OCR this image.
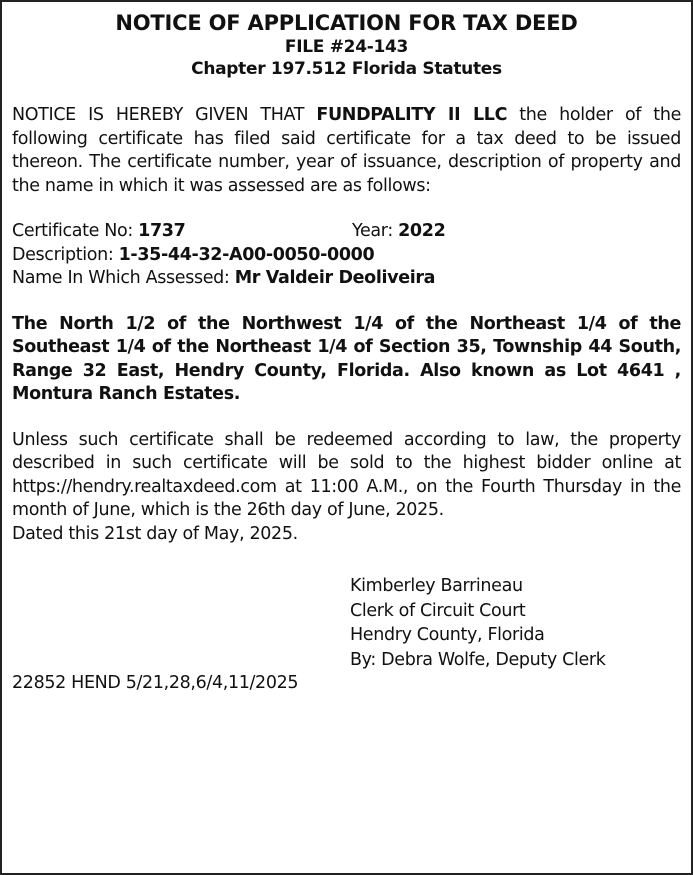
NOTICE OF APPLICATION FOR TAX DEED
FILE #24-143
Chapter 197.512 Florida Statutes

NOTICE IS HEREBY GIVEN THAT FUNDPALITY II LLC the holder of the following certificate has filed said certificate for a tax deed to be issued thereon. The certificate number, year of issuance, description of property and the name in which it was assessed are as follows:

Certificate No: 1737	Year: 2022
Description: 1-35-44-32-A00-0050-0000
Name In Which Assessed: Mr Valdeir Deoliveira
The North 1/2 of the Northwest 1/4 of the Northeast 1/4 of the Southeast 1/4 of the Northeast 1/4 of Section 35, Township 44 South, Range 32 East, Hendry County, Florida. Also known as Lot 4641 , Montura Ranch Estates.

Unless such certificate shall be redeemed according to law, the property described in such certificate will be sold to the highest bidder online at https://hendry.realtaxdeed.com at 11:00 A.M., on the Fourth Thursday in the month of June, which is the 26th day of June, 2025.

Dated this 21st day of May, 2025.
Kimberley Barrineau
Clerk of Circuit Court
Hendry County, Florida
By: Debra Wolfe, Deputy Clerk
22852 HEND 5/21,28,6/4,11/2025
